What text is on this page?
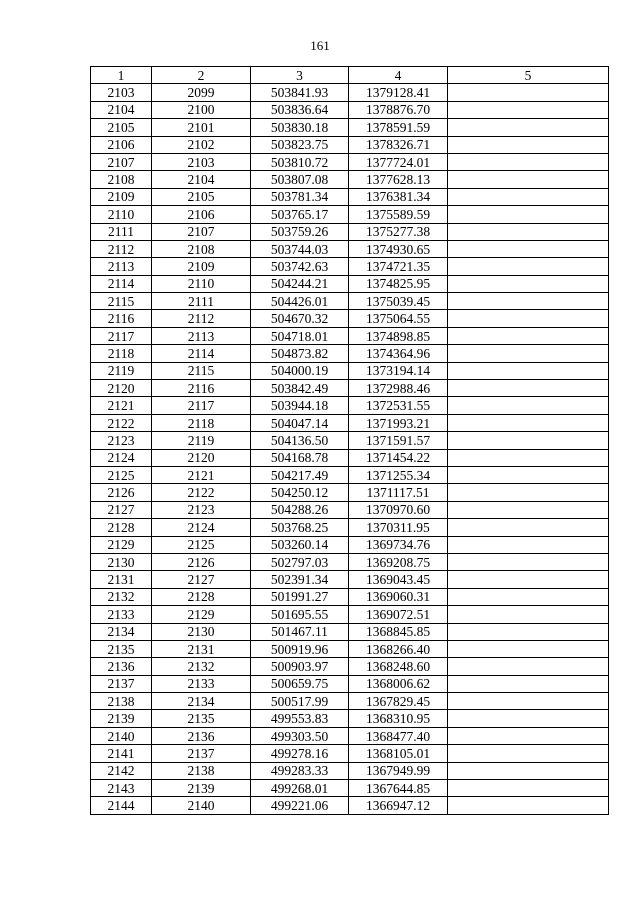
161
1	2	3	4	5
2103	2099	503841.93	1379128.41	
2104	2100	503836.64	1378876.70	
2105	2101	503830.18	1378591.59	
2106	2102	503823.75	1378326.71	
2107	2103	503810.72	1377724.01	
2108	2104	503807.08	1377628.13	
2109	2105	503781.34	1376381.34	
2110	2106	503765.17	1375589.59	
2111	2107	503759.26	1375277.38	
2112	2108	503744.03	1374930.65	
2113	2109	503742.63	1374721.35	
2114	2110	504244.21	1374825.95	
2115	2111	504426.01	1375039.45	
2116	2112	504670.32	1375064.55	
2117	2113	504718.01	1374898.85	
2118	2114	504873.82	1374364.96	
2119	2115	504000.19	1373194.14	
2120	2116	503842.49	1372988.46	
2121	2117	503944.18	1372531.55	
2122	2118	504047.14	1371993.21	
2123	2119	504136.50	1371591.57	
2124	2120	504168.78	1371454.22	
2125	2121	504217.49	1371255.34	
2126	2122	504250.12	1371117.51	
2127	2123	504288.26	1370970.60	
2128	2124	503768.25	1370311.95	
2129	2125	503260.14	1369734.76	
2130	2126	502797.03	1369208.75	
2131	2127	502391.34	1369043.45	
2132	2128	501991.27	1369060.31	
2133	2129	501695.55	1369072.51	
2134	2130	501467.11	1368845.85	
2135	2131	500919.96	1368266.40	
2136	2132	500903.97	1368248.60	
2137	2133	500659.75	1368006.62	
2138	2134	500517.99	1367829.45	
2139	2135	499553.83	1368310.95	
2140	2136	499303.50	1368477.40	
2141	2137	499278.16	1368105.01	
2142	2138	499283.33	1367949.99	
2143	2139	499268.01	1367644.85	
2144	2140	499221.06	1366947.12	
